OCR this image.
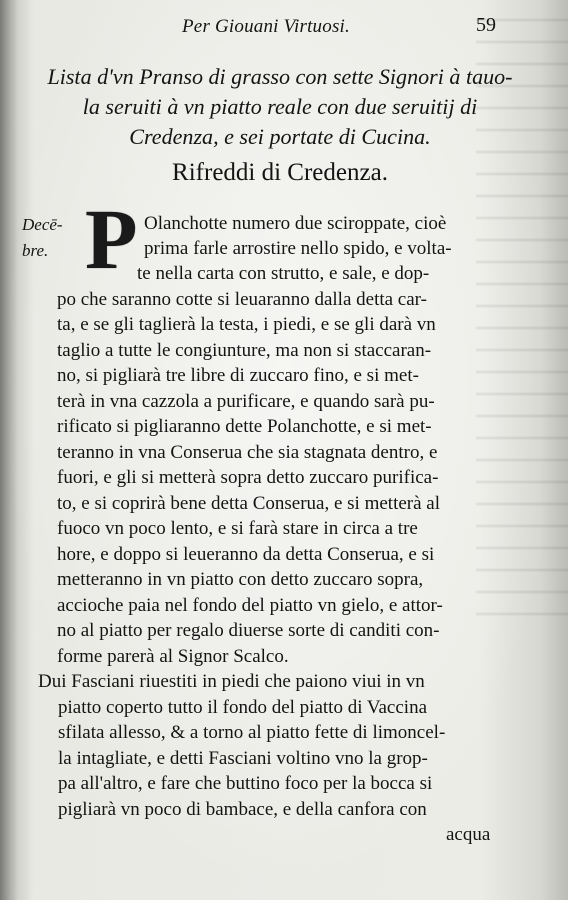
Per Giouani Virtuosi.	59
Lista d'vn Pranso di grasso con sette Signori à tauo-
la seruiti à vn piatto reale con due seruitij di
Credenza, e sei portate di Cucina.
Rifreddi di Credenza.
Decē-
bre. P Olanchotte numero due sciroppate, cioè
prima farle arrostire nello spido, e volta-
te nella carta con strutto, e sale, e dop-
po che saranno cotte si leuaranno dalla detta car-
ta, e se gli taglierà la testa, i piedi, e se gli darà vn
taglio a tutte le congiunture, ma non si staccaran-
no, si pigliarà tre libre di zuccaro fino, e si met-
terà in vna cazzola a purificare, e quando sarà pu-
rificato si pigliaranno dette Polanchotte, e si met-
teranno in vna Conserua che sia stagnata dentro, e
fuori, e gli si metterà sopra detto zuccaro purifica-
to, e si coprirà bene detta Conserua, e si metterà al
fuoco vn poco lento, e si farà stare in circa a tre
hore, e doppo si leueranno da detta Conserua, e si
metteranno in vn piatto con detto zuccaro sopra,
accioche paia nel fondo del piatto vn gielo, e attor-
no al piatto per regalo diuerse sorte di canditi con-
forme parerà al Signor Scalco.
Dui Fasciani riuestiti in piedi che paiono viui in vn
piatto coperto tutto il fondo del piatto di Vaccina
sfilata allesso, & a torno al piatto fette di limoncel-
la intagliate, e detti Fasciani voltino vno la grop-
pa all'altro, e fare che buttino foco per la bocca si
pigliarà vn poco di bambace, e della canfora con
acqua
